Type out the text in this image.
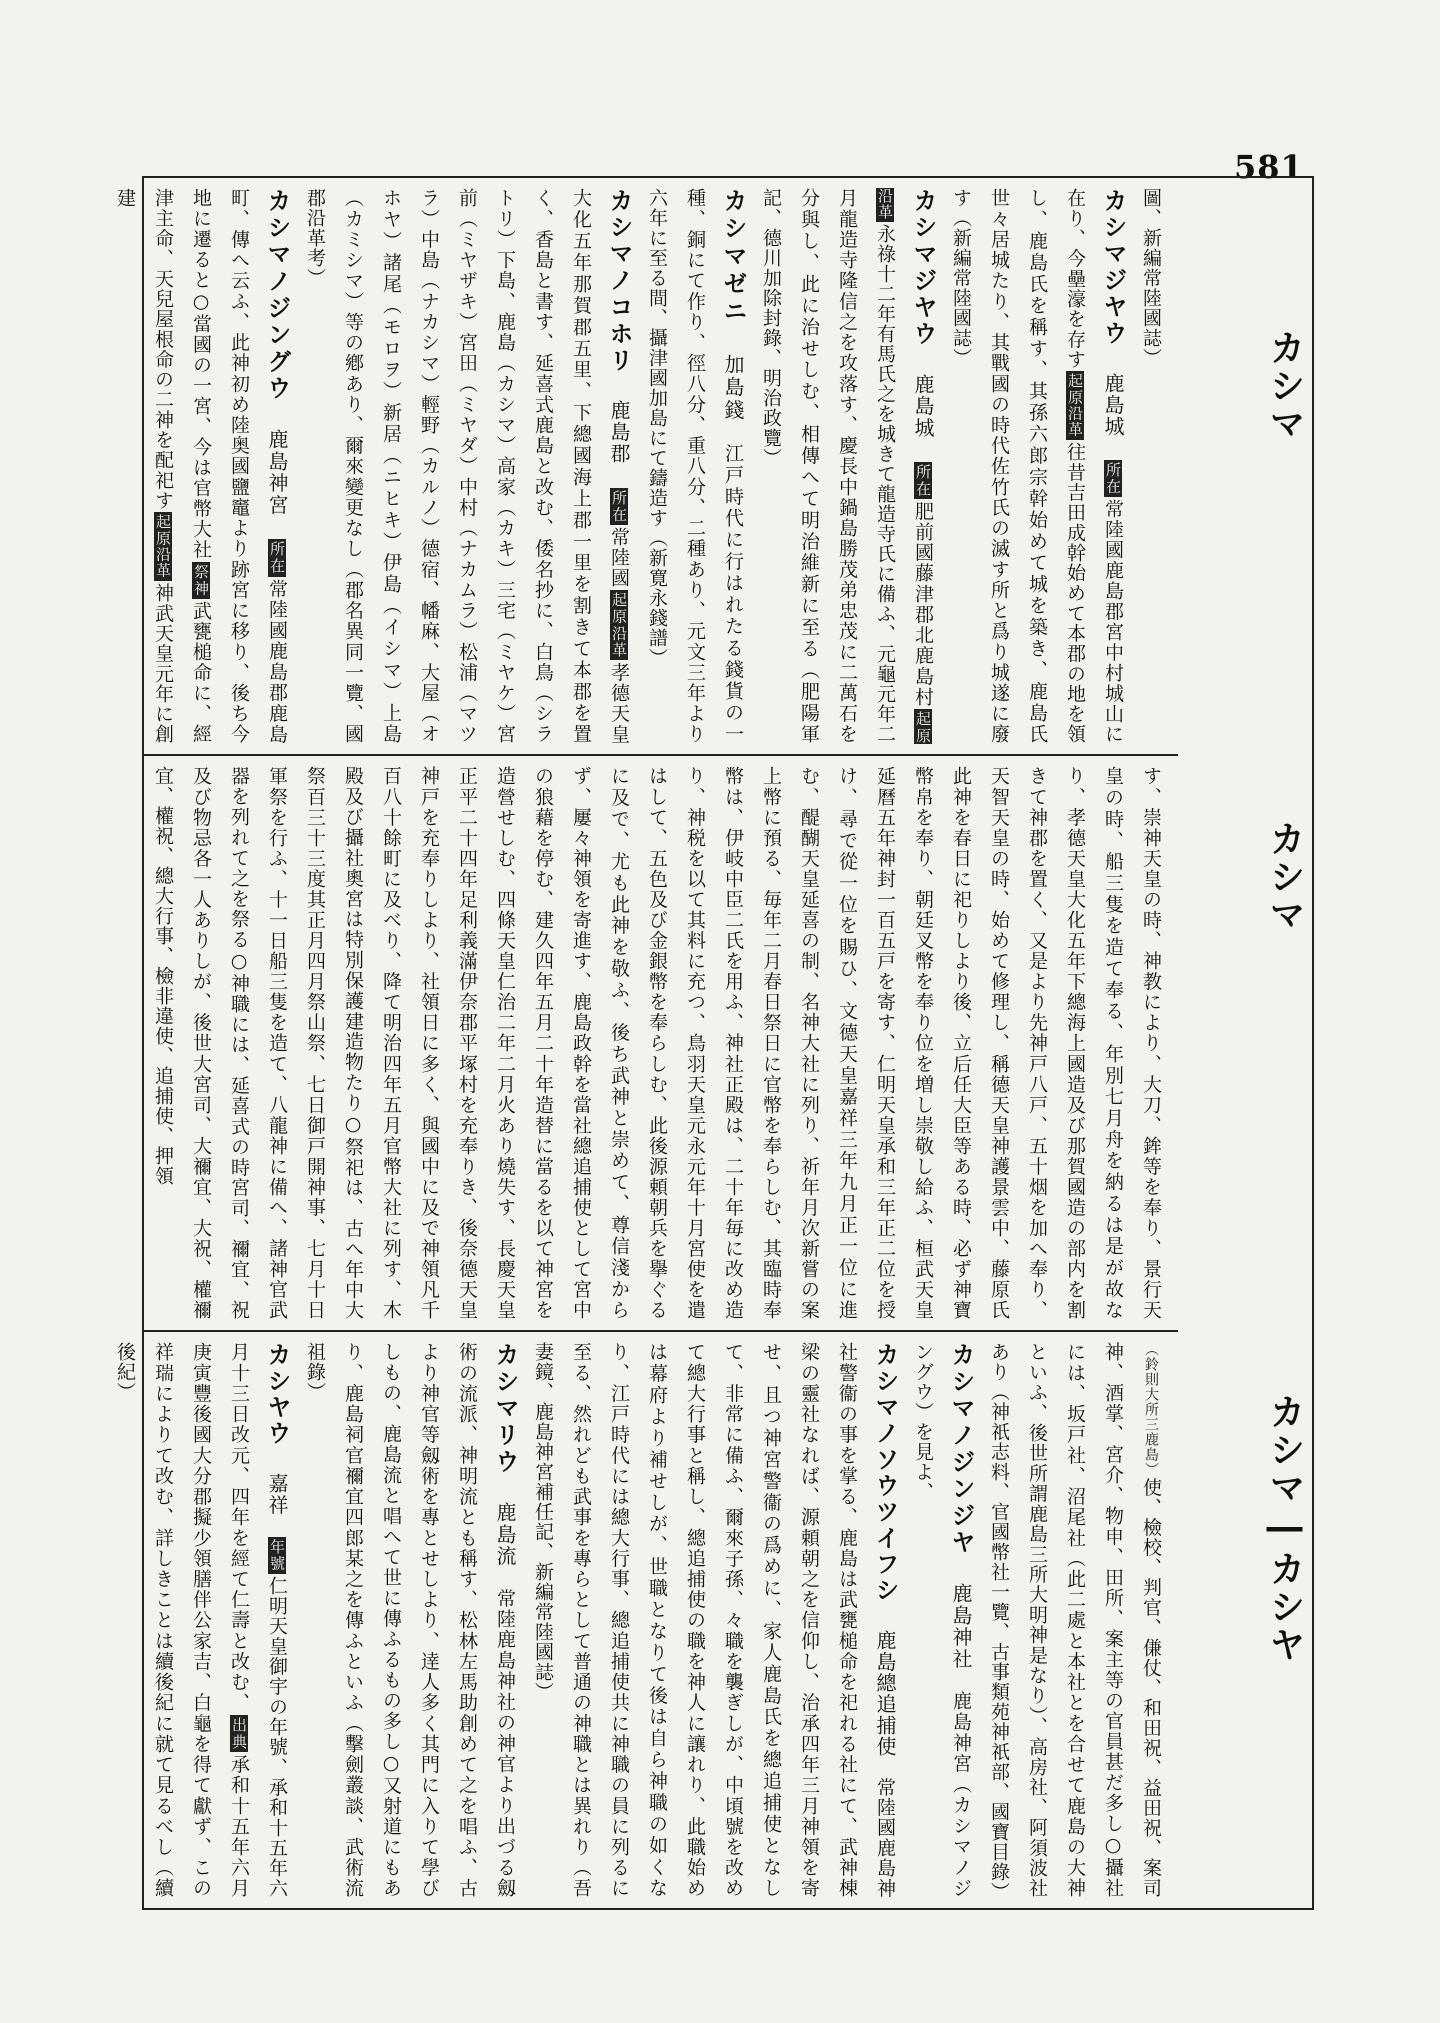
581
カシマ
カシマ
カシマ―カシヤ

圖、新編常陸國誌）

カシマジヤウ　鹿島城　所在常陸國鹿島郡宮中村城山に在り、今壘濠を存す起原沿革往昔吉田成幹始めて本郡の地を領し、鹿島氏を稱す、其孫六郎宗幹始めて城を築き、鹿島氏世々居城たり、其戰國の時代佐竹氏の滅す所と爲り城遂に廢す（新編常陸國誌）

カシマジヤウ　鹿島城　所在肥前國藤津郡北鹿島村起原沿革永祿十二年有馬氏之を城きて龍造寺氏に備ふ、元龜元年二月龍造寺隆信之を攻落す、慶長中鍋島勝茂弟忠茂に二萬石を分與し、此に治せしむ、相傳へて明治維新に至る（肥陽軍記、德川加除封錄、明治政覽）

カシマゼニ　加島錢　江戸時代に行はれたる錢貨の一種、銅にて作り、徑八分、重八分、二種あり、元文三年より六年に至る間、攝津國加島にて鑄造す（新寛永錢譜）

カシマノコホリ　鹿島郡　所在常陸國起原沿革孝德天皇大化五年那賀郡五里、下總國海上郡一里を割きて本郡を置く、香島と書す、延喜式鹿島と改む、倭名抄に、白鳥（シラトリ）下島、鹿島（カシマ）高家（カキ）三宅（ミヤケ）宮前（ミヤザキ）宮田（ミヤダ）中村（ナカムラ）松浦（マツラ）中島（ナカシマ）輕野（カルノ）德宿、幡麻、大屋（オホヤ）諸尾（モロヲ）新居（ニヒキ）伊島（イシマ）上島（カミシマ）等の鄕あり、爾來變更なし（郡名異同一覽、國郡沿革考）

カシマノジングウ　鹿島神宮　所在常陸國鹿島郡鹿島町、傳へ云ふ、此神初め陸奥國鹽竈より跡宮に移り、後ち今地に遷ると○當國の一宮、今は官幣大社祭神武甕槌命に、經津主命、天兒屋根命の二神を配祀す起原沿革神武天皇元年に創建

す、崇神天皇の時、神教により、大刀、鉾等を奉り、景行天皇の時、船三隻を造て奉る、年別七月舟を納るは是が故なり、孝德天皇大化五年下總海上國造及び那賀國造の部内を割きて神郡を置く、又是より先神戸八戸、五十烟を加へ奉り、天智天皇の時、始めて修理し、稱德天皇神護景雲中、藤原氏此神を春日に祀りしより後、立后任大臣等ある時、必ず神寶幣帛を奉り、朝廷叉幣を奉り位を増し崇敬し給ふ、桓武天皇延曆五年神封一百五戸を寄す、仁明天皇承和三年正二位を授け、尋で從一位を賜ひ、文德天皇嘉祥三年九月正一位に進む、醍醐天皇延喜の制、名神大社に列り、祈年月次新嘗の案上幣に預る、毎年二月春日祭日に官幣を奉らしむ、其臨時奉幣は、伊岐中臣二氏を用ふ、神社正殿は、二十年毎に改め造り、神税を以て其料に充つ、鳥羽天皇元永元年十月宮使を遣はして、五色及び金銀幣を奉らしむ、此後源頼朝兵を擧ぐるに及で、尤も此神を敬ふ、後ち武神と崇めて、尊信淺からず、屢々神領を寄進す、鹿島政幹を當社總追捕使として宮中の狼藉を停む、建久四年五月二十年造替に當るを以て神宮を造營せしむ、四條天皇仁治二年二月火あり燒失す、長慶天皇正平二十四年足利義滿伊奈郡平塚村を充奉りき、後奈德天皇神戸を充奉りしより、社領日に多く、與國中に及で神領凡千百八十餘町に及べり、降て明治四年五月官幣大社に列す、木殿及び攝社奧宮は特別保護建造物たり○祭祀は、古へ年中大祭百三十三度其正月四月祭山祭、七日御戸開神事、七月十日軍祭を行ふ、十一日船三隻を造て、八龍神に備へ、諸神官武器を列れて之を祭る○神職には、延喜式の時宮司、禰宜、祝及び物忌各一人ありしが、後世大宮司、大禰宜、大祝、權禰宜、權祝、總大行事、檢非違使、追捕使、押領

（鈴則大所三鹿島）使、檢校、判官、傔仗、和田祝、益田祝、案司神、酒掌、宮介、物申、田所、案主等の官員甚だ多し○攝社には、坂戸社、沼尾社（此二處と本社とを合せて鹿島の大神といふ、後世所謂鹿島三所大明神是なり）、高房社、阿須波社あり（神祇志料、官國幣社一覽、古事類苑神祇部、國寶目錄）

カシマノジンジヤ　鹿島神社　鹿島神宮（カシマノジングウ）を見よ、

カシマノソウツイフシ　鹿島總追捕使　常陸國鹿島神社警衞の事を掌る、鹿島は武甕槌命を祀れる社にて、武神棟梁の靈社なれば、源頼朝之を信仰し、治承四年三月神領を寄せ、且つ神宮警衞の爲めに、家人鹿島氏を總追捕使となして、非常に備ふ、爾來子孫、々職を襲ぎしが、中頃號を改めて總大行事と稱し、總追捕使の職を神人に讓れり、此職始めは幕府より補せしが、世職となりて後は自ら神職の如くなり、江戸時代には總大行事、總追捕使共に神職の員に列るに至る、然れども武事を專らとして普通の神職とは異れり（吾妻鏡、鹿島神宮補任記、新編常陸國誌）

カシマリウ　鹿島流　常陸鹿島神社の神官より出づる劔術の流派、神明流とも稱す、松林左馬助創めて之を唱ふ、古より神官等劔術を專とせしより、逹人多く其門に入りて學びしもの、鹿島流と唱へて世に傳ふるもの多し○又射道にもあり、鹿島祠官禰宜四郎某之を傳ふといふ（擊劍叢談、武術流祖錄）

カシヤウ　嘉祥　年號仁明天皇御宇の年號、承和十五年六月十三日改元、四年を經て仁壽と改む、出典承和十五年六月庚寅豐後國大分郡擬少領膳伴公家吉、白龜を得て獻ず、この祥瑞によりて改む、詳しきことは續後紀に就て見るべし（續後紀）
